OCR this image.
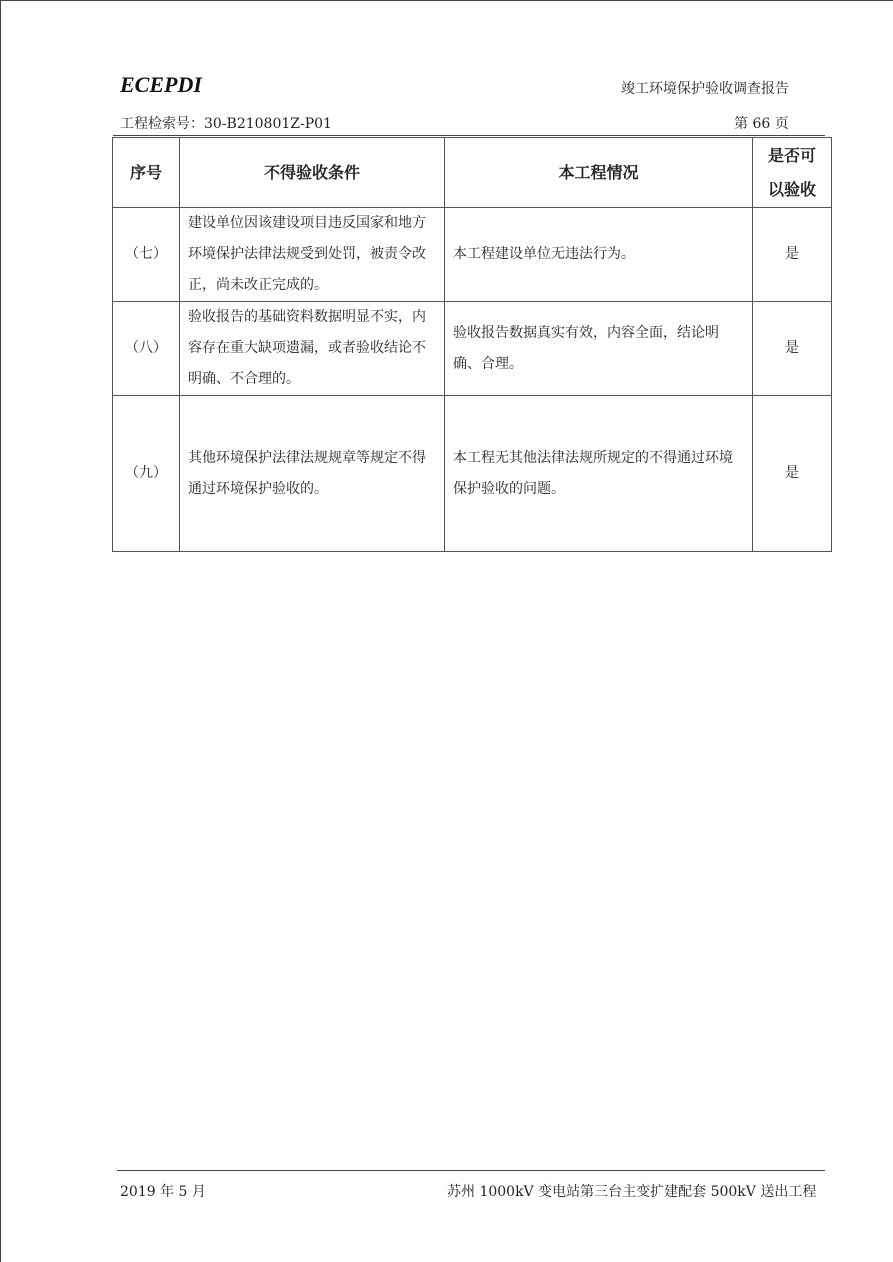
ECEPDI	竣工环境保护验收调查报告
工程检索号：30-B210801Z-P01	第 66 页
序号	不得验收条件	本工程情况	是否可以验收
（七）	建设单位因该建设项目违反国家和地方环境保护法律法规受到处罚，被责令改正，尚未改正完成的。	本工程建设单位无违法行为。	是
（八）	验收报告的基础资料数据明显不实，内容存在重大缺项遗漏，或者验收结论不明确、不合理的。	验收报告数据真实有效，内容全面，结论明确、合理。	是
（九）	其他环境保护法律法规规章等规定不得通过环境保护验收的。	本工程无其他法律法规所规定的不得通过环境保护验收的问题。	是
2019 年 5 月	苏州 1000kV 变电站第三台主变扩建配套 500kV 送出工程
